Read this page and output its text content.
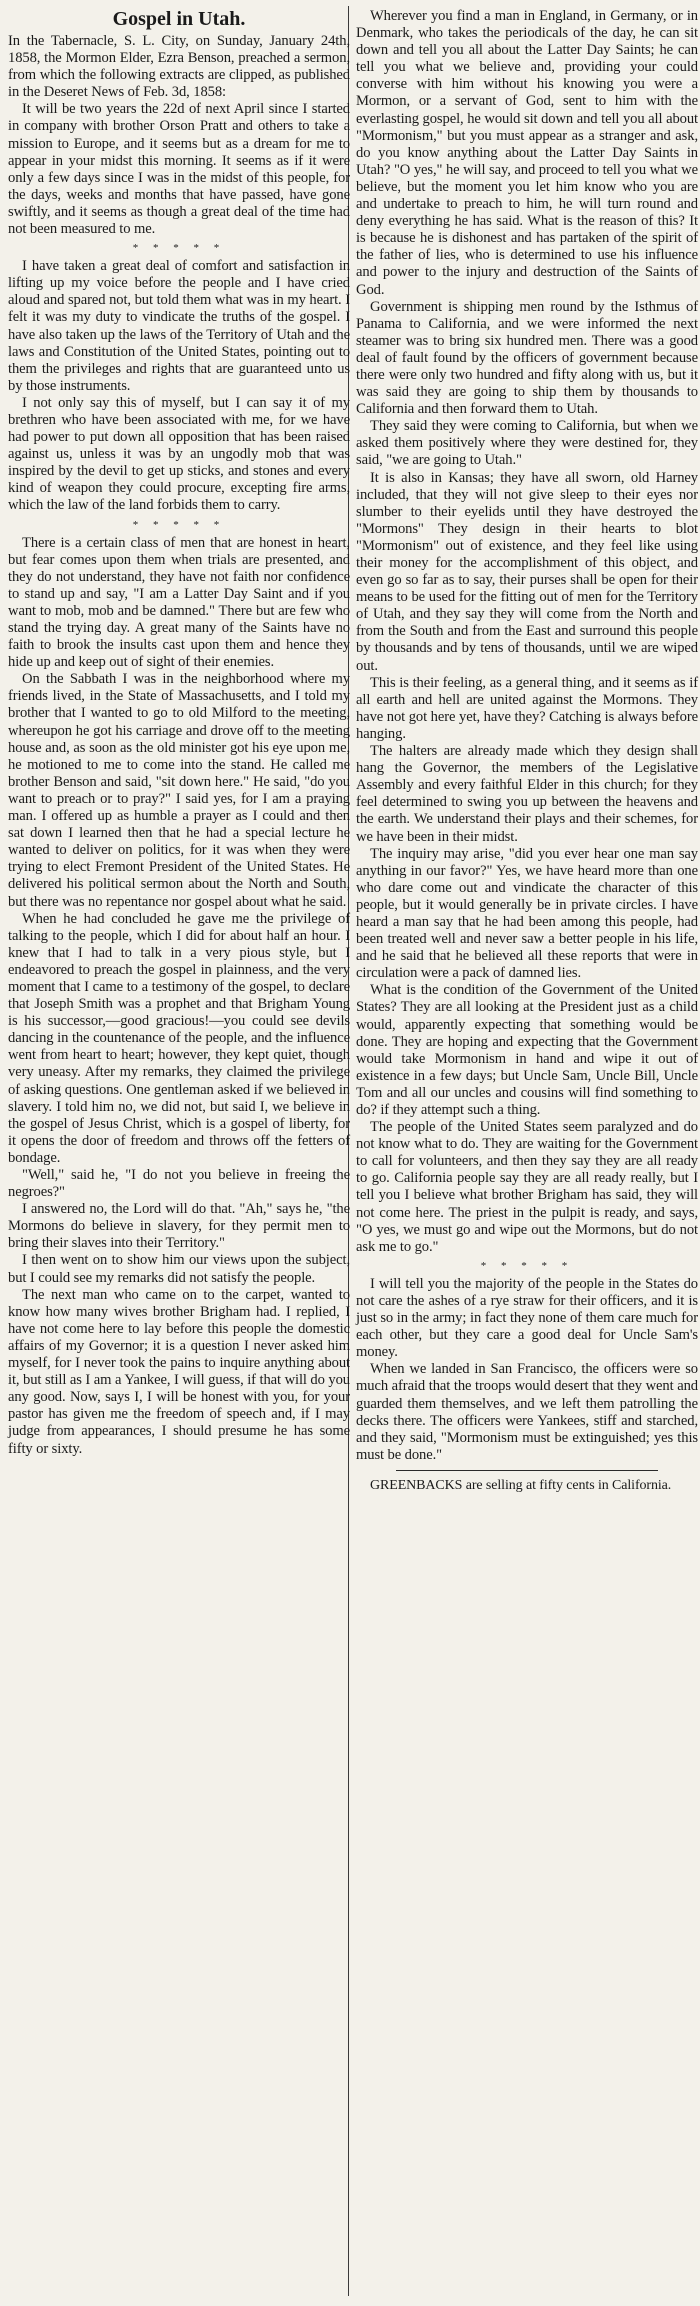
Gospel in Utah.

In the Tabernacle, S. L. City, on Sunday, January 24th, 1858, the Mormon Elder, Ezra Benson, preached a sermon, from which the following extracts are clipped, as published in the Deseret News of Feb. 3d, 1858:

It will be two years the 22d of next April since I started in company with brother Orson Pratt and others to take a mission to Europe, and it seems but as a dream for me to appear in your midst this morning. It seems as if it were only a few days since I was in the midst of this people, for the days, weeks and months that have passed, have gone swiftly, and it seems as though a great deal of the time had not been measured to me.

* * * * *

I have taken a great deal of comfort and satisfaction in lifting up my voice before the people and I have cried aloud and spared not, but told them what was in my heart. I felt it was my duty to vindicate the truths of the gospel. I have also taken up the laws of the Territory of Utah and the laws and Constitution of the United States, pointing out to them the privileges and rights that are guaranteed unto us by those instruments.

I not only say this of myself, but I can say it of my brethren who have been associated with me, for we have had power to put down all opposition that has been raised against us, unless it was by an ungodly mob that was inspired by the devil to get up sticks, and stones and every kind of weapon they could procure, excepting fire arms, which the law of the land forbids them to carry.

* * * * *

There is a certain class of men that are honest in heart, but fear comes upon them when trials are presented, and they do not understand, they have not faith nor confidence to stand up and say, "I am a Latter Day Saint and if you want to mob, mob and be damned." There but are few who stand the trying day. A great many of the Saints have no faith to brook the insults cast upon them and hence they hide up and keep out of sight of their enemies.

On the Sabbath I was in the neighborhood where my friends lived, in the State of Massachusetts, and I told my brother that I wanted to go to old Milford to the meeting, whereupon he got his carriage and drove off to the meeting house and, as soon as the old minister got his eye upon me, he motioned to me to come into the stand. He called me brother Benson and said, "sit down here." He said, "do you want to preach or to pray?" I said yes, for I am a praying man. I offered up as humble a prayer as I could and then sat down I learned then that he had a special lecture he wanted to deliver on politics, for it was when they were trying to elect Fremont President of the United States. He delivered his political sermon about the North and South, but there was no repentance nor gospel about what he said.

When he had concluded he gave me the privilege of talking to the people, which I did for about half an hour. I knew that I had to talk in a very pious style, but I endeavored to preach the gospel in plainness, and the very moment that I came to a testimony of the gospel, to declare that Joseph Smith was a prophet and that Brigham Young is his successor,—good gracious!—you could see devils dancing in the countenance of the people, and the influence went from heart to heart; however, they kept quiet, though very uneasy. After my remarks, they claimed the privilege of asking questions. One gentleman asked if we believed in slavery. I told him no, we did not, but said I, we believe in the gospel of Jesus Christ, which is a gospel of liberty, for it opens the door of freedom and throws off the fetters of bondage.

"Well," said he, "I do not you believe in freeing the negroes?"

I answered no, the Lord will do that. "Ah," says he, "the Mormons do believe in slavery, for they permit men to bring their slaves into their Territory."

I then went on to show him our views upon the subject, but I could see my remarks did not satisfy the people.

The next man who came on to the carpet, wanted to know how many wives brother Brigham had. I replied, I have not come here to lay before this people the domestic affairs of my Governor; it is a question I never asked him myself, for I never took the pains to inquire anything about it, but still as I am a Yankee, I will guess, if that will do you any good. Now, says I, I will be honest with you, for your pastor has given me the freedom of speech and, if I may judge from appearances, I should presume he has some fifty or sixty.

Wherever you find a man in England, in Germany, or in Denmark, who takes the periodicals of the day, he can sit down and tell you all about the Latter Day Saints; he can tell you what we believe and, providing your could converse with him without his knowing you were a Mormon, or a servant of God, sent to him with the everlasting gospel, he would sit down and tell you all about "Mormonism," but you must appear as a stranger and ask, do you know anything about the Latter Day Saints in Utah? "O yes," he will say, and proceed to tell you what we believe, but the moment you let him know who you are and undertake to preach to him, he will turn round and deny everything he has said. What is the reason of this? It is because he is dishonest and has partaken of the spirit of the father of lies, who is determined to use his influence and power to the injury and destruction of the Saints of God.

Government is shipping men round by the Isthmus of Panama to California, and we were informed the next steamer was to bring six hundred men. There was a good deal of fault found by the officers of government because there were only two hundred and fifty along with us, but it was said they are going to ship them by thousands to California and then forward them to Utah.

They said they were coming to California, but when we asked them positively where they were destined for, they said, "we are going to Utah."

It is also in Kansas; they have all sworn, old Harney included, that they will not give sleep to their eyes nor slumber to their eyelids until they have destroyed the "Mormons" They design in their hearts to blot "Mormonism" out of existence, and they feel like using their money for the accomplishment of this object, and even go so far as to say, their purses shall be open for their means to be used for the fitting out of men for the Territory of Utah, and they say they will come from the North and from the South and from the East and surround this people by thousands and by tens of thousands, until we are wiped out.

This is their feeling, as a general thing, and it seems as if all earth and hell are united against the Mormons. They have not got here yet, have they? Catching is always before hanging.

The halters are already made which they design shall hang the Governor, the members of the Legislative Assembly and every faithful Elder in this church; for they feel determined to swing you up between the heavens and the earth. We understand their plays and their schemes, for we have been in their midst.

The inquiry may arise, "did you ever hear one man say anything in our favor?" Yes, we have heard more than one who dare come out and vindicate the character of this people, but it would generally be in private circles. I have heard a man say that he had been among this people, had been treated well and never saw a better people in his life, and he said that he believed all these reports that were in circulation were a pack of damned lies.

What is the condition of the Government of the United States? They are all looking at the President just as a child would, apparently expecting that something would be done. They are hoping and expecting that the Government would take Mormonism in hand and wipe it out of existence in a few days; but Uncle Sam, Uncle Bill, Uncle Tom and all our uncles and cousins will find something to do? if they attempt such a thing.

The people of the United States seem paralyzed and do not know what to do. They are waiting for the Government to call for volunteers, and then they say they are all ready to go. California people say they are all ready really, but I tell you I believe what brother Brigham has said, they will not come here. The priest in the pulpit is ready, and says, "O yes, we must go and wipe out the Mormons, but do not ask me to go."

* * * * *

I will tell you the majority of the people in the States do not care the ashes of a rye straw for their officers, and it is just so in the army; in fact they none of them care much for each other, but they care a good deal for Uncle Sam's money.

When we landed in San Francisco, the officers were so much afraid that the troops would desert that they went and guarded them themselves, and we left them patrolling the decks there. The officers were Yankees, stiff and starched, and they said, "Mormonism must be extinguished; yes this must be done."

GREENBACKS are selling at fifty cents in California.
